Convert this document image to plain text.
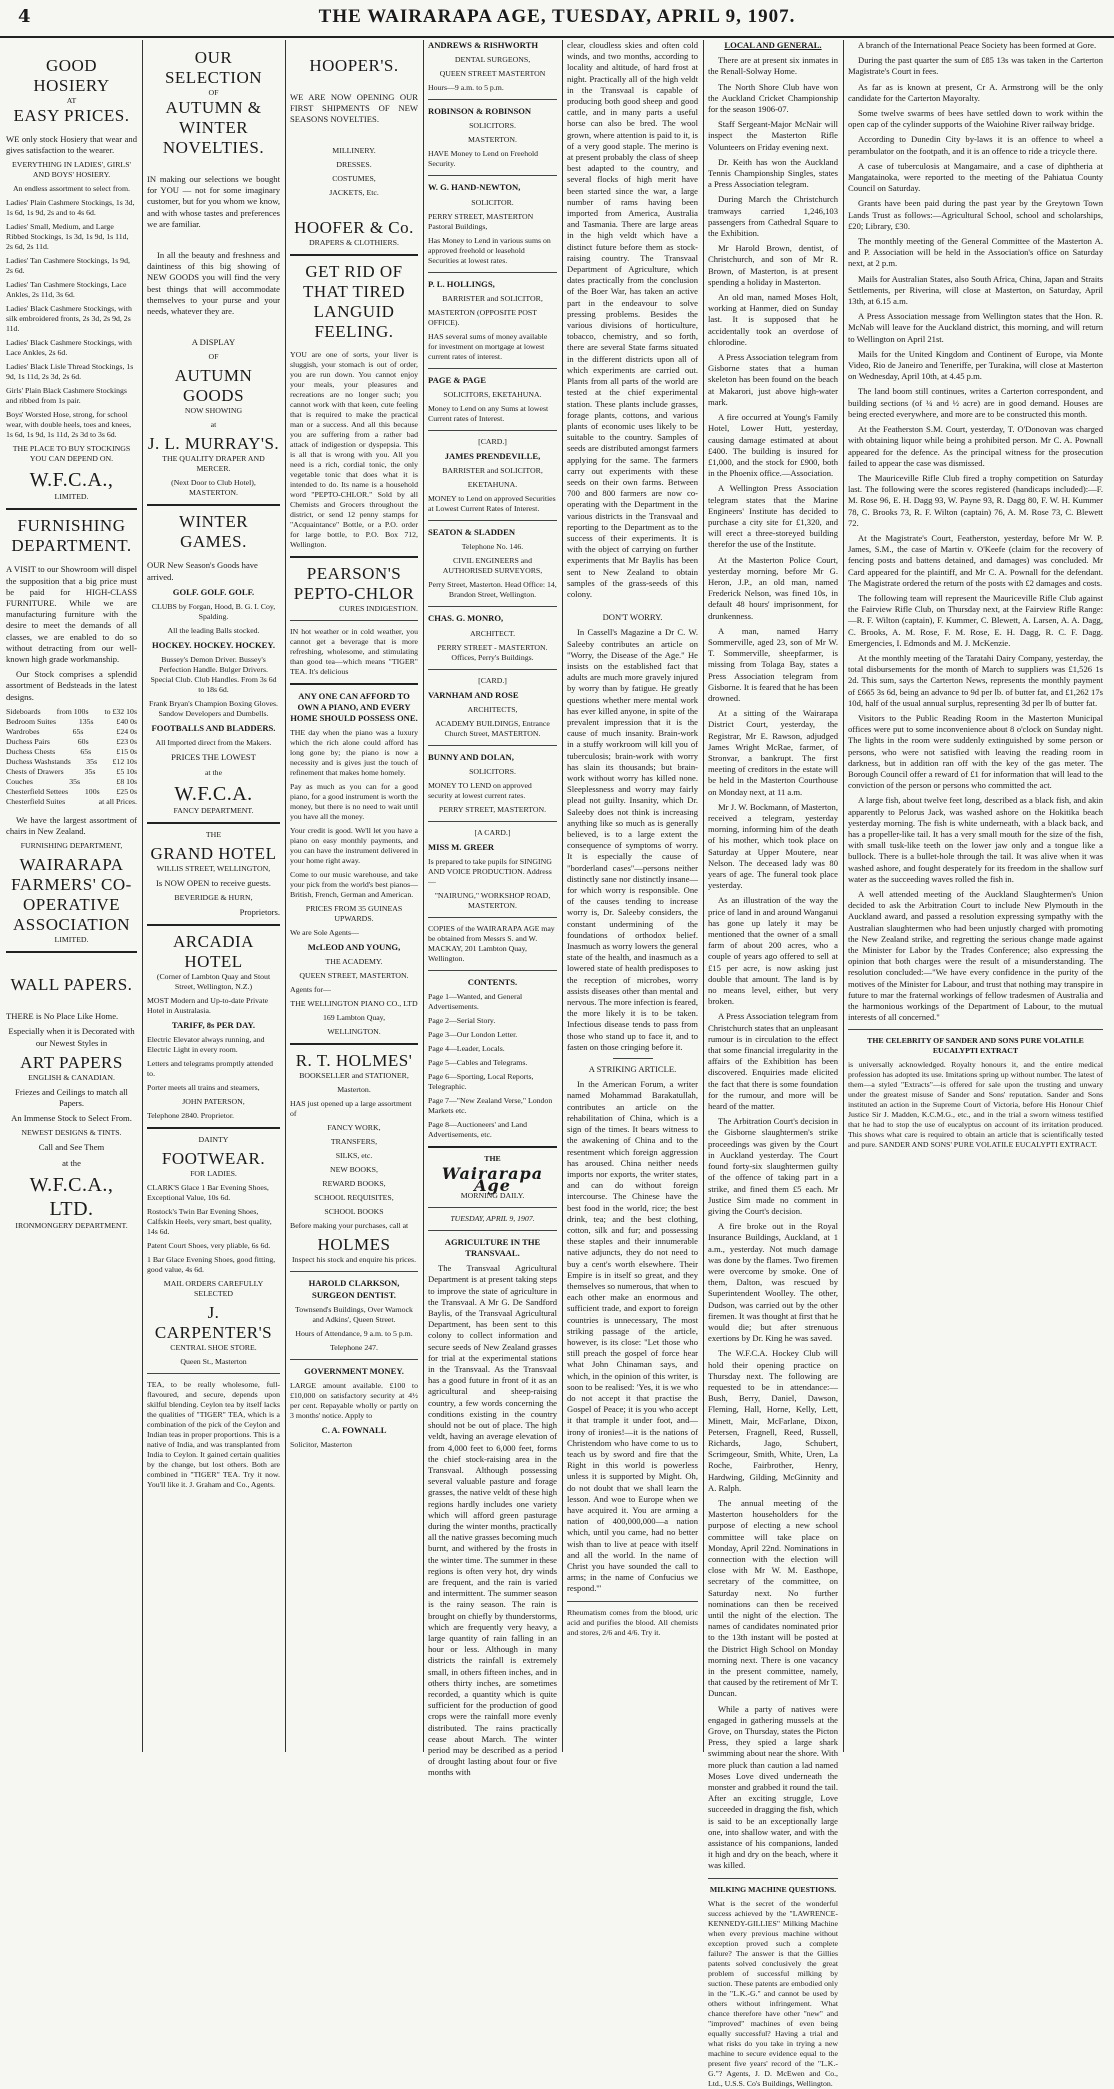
4	THE WAIRARAPA AGE, TUESDAY, APRIL 9, 1907.
GOOD HOSIERY
AT
EASY PRICES.

WE only stock Hosiery that wear and gives satisfaction to the wearer.

EVERYTHING IN LADIES', GIRLS' AND BOYS' HOSIERY.

An endless assortment to select from.

Ladies' Plain Cashmere Stockings, 1s 3d, 1s 6d, 1s 9d, 2s and to 4s 6d.

Ladies' Small, Medium, and Large Ribbed Stockings, 1s 3d, 1s 9d, 1s 11d, 2s 6d, 2s 11d.

Ladies' Tan Cashmere Stockings, 1s 9d, 2s 6d.

Ladies' Tan Cashmere Stockings, Lace Ankles, 2s 11d, 3s 6d.

Ladies' Black Cashmere Stockings, with silk embroidered fronts, 2s 3d, 2s 9d, 2s 11d.

Ladies' Black Cashmere Stockings, with Lace Ankles, 2s 6d.

Ladies' Black Lisle Thread Stockings, 1s 9d, 1s 11d, 2s 3d, 2s 6d.

Girls' Plain Black Cashmere Stockings and ribbed from 1s pair.

Boys' Worsted Hose, strong, for school wear, with double heels, toes and knees, 1s 6d, 1s 9d, 1s 11d, 2s 3d to 3s 6d.

THE PLACE TO BUY STOCKINGS YOU CAN DEPEND ON.

W.F.C.A.,
LIMITED.
FURNISHING DEPARTMENT.

A VISIT to our Showroom will dispel the supposition that a big price must be paid for HIGH-CLASS FURNITURE. While we are manufacturing furniture with the desire to meet the demands of all classes, we are enabled to do so without detracting from our well-known high grade workmanship.

Our Stock comprises a splendid assortment of Bedsteads in the latest designs.

Sideboards from 100s to £32 10s
Bedroom Suites	135s	£40 0s
Wardrobes	65s	£24 0s
Duchess Pairs	60s	£23 0s
Duchess Chests	65s	£15 0s
Duchess Washstands 35s £12 10s
Chests of Drawers	35s	£5 10s
Couches	35s	£8 10s
Chesterfield Settees 100s £25 0s
Chesterfield Suites	at all Prices.

We have the largest assortment of chairs in New Zealand.

FURNISHING DEPARTMENT,

WAIRARAPA FARMERS' CO-OPERATIVE ASSOCIATION
LIMITED.
WALL PAPERS.

THERE is No Place Like Home.

Especially when it is Decorated with our Newest Styles in

ART PAPERS

ENGLISH & CANADIAN.

Friezes and Ceilings to match all Papers.

An Immense Stock to Select From.

NEWEST DESIGNS & TINTS.

Call and See Them

at the

W.F.C.A., LTD.
IRONMONGERY DEPARTMENT.
OUR SELECTION
OF
AUTUMN & WINTER NOVELTIES.

IN making our selections we bought for YOU — not for some imaginary customer, but for you whom we know, and with whose tastes and preferences we are familiar.

In all the beauty and freshness and daintiness of this big showing of NEW GOODS you will find the very best things that will accommodate themselves to your purse and your needs, whatever they are.

A DISPLAY

OF

AUTUMN GOODS

NOW SHOWING

at

J. L. MURRAY'S.

THE QUALITY DRAPER AND MERCER.

(Next Door to Club Hotel), MASTERTON.

WINTER GAMES.

OUR New Season's Goods have arrived.

GOLF. GOLF. GOLF.

CLUBS by Forgan, Hood, B. G. I. Coy, Spalding.

All the leading Balls stocked.

HOCKEY. HOCKEY. HOCKEY.

Bussey's Demon Driver. Bussey's Perfection Handle. Bulger Drivers. Special Club. Club Handles. From 3s 6d to 18s 6d.

Frank Bryan's Champion Boxing Gloves. Sandow Developers and Dumbells.

FOOTBALLS AND BLADDERS.

All Imported direct from the Makers.

PRICES THE LOWEST

at the

W.F.C.A.

FANCY DEPARTMENT.

THE

GRAND HOTEL

WILLIS STREET, WELLINGTON,

Is NOW OPEN to receive guests.

BEVERIDGE & HURN,

Proprietors.

ARCADIA HOTEL

(Corner of Lambton Quay and Stout Street, Wellington, N.Z.)

MOST Modern and Up-to-date Private Hotel in Australasia.

TARIFF, 8s PER DAY.

Electric Elevator always running, and Electric Light in every room.

Letters and telegrams promptly attended to.

Porter meets all trains and steamers,

JOHN PATERSON,

Telephone 2840. Proprietor.

DAINTY

FOOTWEAR.

FOR LADIES.

CLARK'S Glace 1 Bar Evening Shoes, Exceptional Value, 10s 6d.

Rostock's Twin Bar Evening Shoes, Calfskin Heels, very smart, best quality, 14s 6d.

Patent Court Shoes, very pliable, 6s 6d.

1 Bar Glace Evening Shoes, good fitting, good value, 4s 6d.

MAIL ORDERS CAREFULLY SELECTED

J. CARPENTER'S

CENTRAL SHOE STORE.

Queen St., Masterton

TEA, to be really wholesome, full-flavoured, and secure, depends upon skilful blending. Ceylon tea by itself lacks the qualities of "TIGER" TEA, which is a combination of the pick of the Ceylon and Indian teas in proper proportions. This is a native of India, and was transplanted from India to Ceylon. It gained certain qualities by the change, but lost others. Both are combined in "TIGER" TEA. Try it now. You'll like it. J. Graham and Co., Agents.

HOOPER'S.

WE ARE NOW OPENING OUR FIRST SHIPMENTS OF NEW SEASONS NOVELTIES.

MILLINERY.

DRESSES.

COSTUMES,

JACKETS, Etc.

HOOFER & Co.

DRAPERS & CLOTHIERS.

GET RID OF THAT TIRED LANGUID FEELING.

YOU are one of sorts, your liver is sluggish, your stomach is out of order, you are run down. You cannot enjoy your meals, your pleasures and recreations are no longer such; you cannot work with that keen, cute feeling that is required to make the practical man or a success. And all this because you are suffering from a rather bad attack of indigestion or dyspepsia. This is all that is wrong with you. All you need is a rich, cordial tonic, the only vegetable tonic that does what it is intended to do. Its name is a household word "PEPTO-CHLOR." Sold by all Chemists and Grocers throughout the district, or send 12 penny stamps for "Acquaintance" Bottle, or a P.O. order for large bottle, to P.O. Box 712, Wellington.

PEARSON'S PEPTO-CHLOR

CURES INDIGESTION.

IN hot weather or in cold weather, you cannot get a beverage that is more refreshing, wholesome, and stimulating than good tea—which means "TIGER" TEA. It's delicious

ANY ONE CAN AFFORD TO OWN A PIANO, AND EVERY HOME SHOULD POSSESS ONE.

THE day when the piano was a luxury which the rich alone could afford has long gone by; the piano is now a necessity and is gives just the touch of refinement that makes home homely.

Pay as much as you can for a good piano, for a good instrument is worth the money, but there is no need to wait until you have all the money.

Your credit is good. We'll let you have a piano on easy monthly payments, and you can have the instrument delivered in your home right away.

Come to our music warehouse, and take your pick from the world's best pianos—British, French, German and American.

PRICES FROM 35 GUINEAS UPWARDS.

We are Sole Agents—

McLEOD AND YOUNG,

THE ACADEMY.

QUEEN STREET, MASTERTON.

Agents for—

THE WELLINGTON PIANO CO., LTD

169 Lambton Quay,

WELLINGTON.

R. T. HOLMES'

BOOKSELLER and STATIONER,

Masterton.

HAS just opened up a large assortment of

FANCY WORK,

TRANSFERS,

SILKS, etc.

NEW BOOKS,

REWARD BOOKS,

SCHOOL REQUISITES,

SCHOOL BOOKS

Before making your purchases, call at

HOLMES

Inspect his stock and enquire his prices.

HAROLD CLARKSON, SURGEON DENTIST.

Townsend's Buildings, Over Warnock and Adkins', Queen Street.

Hours of Attendance, 9 a.m. to 5 p.m.

Telephone 247.

GOVERNMENT MONEY.

LARGE amount available. £100 to £10,000 on satisfactory security at 4½ per cent. Repayable wholly or partly on 3 months' notice. Apply to

C. A. FOWNALL

Solicitor, Masterton

ANDREWS & RISHWORTH

DENTAL SURGEONS,

QUEEN STREET MASTERTON

Hours—9 a.m. to 5 p.m.

ROBINSON & ROBINSON

SOLICITORS.

MASTERTON.

HAVE Money to Lend on Freehold Security.

W. G. HAND-NEWTON,

SOLICITOR.

PERRY STREET, MASTERTON Pastoral Buildings,

Has Money to Lend in various sums on approved freehold or leasehold Securities at lowest rates.

P. L. HOLLINGS,

BARRISTER and SOLICITOR,

MASTERTON (OPPOSITE POST OFFICE).

HAS several sums of money available for investment on mortgage at lowest current rates of interest.

PAGE & PAGE

SOLICITORS, EKETAHUNA.

Money to Lend on any Sums at lowest Current rates of Interest.

[CARD.]

JAMES PRENDEVILLE,

BARRISTER and SOLICITOR,

EKETAHUNA.

MONEY to Lend on approved Securities at Lowest Current Rates of Interest.

SEATON & SLADDEN

Telephone No. 146.

CIVIL ENGINEERS and AUTHORISED SURVEYORS,

Perry Street, Masterton. Head Office: 14, Brandon Street, Wellington.

CHAS. G. MONRO,

ARCHITECT.

PERRY STREET - MASTERTON. Offices, Perry's Buildings.

[CARD.]

VARNHAM AND ROSE

ARCHITECTS,

ACADEMY BUILDINGS, Entrance Church Street, MASTERTON.

BUNNY AND DOLAN,

SOLICITORS.

MONEY TO LEND on approved security at lowest current rates.

PERRY STREET, MASTERTON.

[A CARD.]

MISS M. GREER

Is prepared to take pupils for SINGING AND VOICE PRODUCTION. Address—

"NAIRUNG," WORKSHOP ROAD, MASTERTON.

COPIES of the WAIRARAPA AGE may be obtained from Messrs S. and W. MACKAY, 201 Lambton Quay, Wellington.

CONTENTS.

Page 1—Wanted, and General Advertisements.

Page 2—Serial Story.

Page 3—Our London Letter.

Page 4—Leader, Locals.

Page 5—Cables and Telegrams.

Page 6—Sporting, Local Reports, Telegraphic.

Page 7—"New Zealand Verse," London Markets etc.

Page 8—Auctioneers' and Land Advertisements, etc.

THE

Wairarapa Age

MORNING DAILY.

TUESDAY, APRIL 9, 1907.

AGRICULTURE IN THE TRANSVAAL.

The Transvaal Agricultural Department is at present taking steps to improve the state of agriculture in the Transvaal. A Mr G. De Sandford Baylis, of the Transvaal Agricultural Department, has been sent to this colony to collect information and secure seeds of New Zealand grasses for trial at the experimental stations in the Transvaal. As the Transvaal has a good future in front of it as an agricultural and sheep-raising country, a few words concerning the conditions existing in the country should not be out of place. The high veldt, having an average elevation of from 4,000 feet to 6,000 feet, forms the chief stock-raising area in the Transvaal. Although possessing several valuable pasture and forage grasses, the native veldt of these high regions hardly includes one variety which will afford green pasturage during the winter months, practically all the native grasses becoming much burnt, and withered by the frosts in the winter time. The summer in these regions is often very hot, dry winds are frequent, and the rain is varied and intermittent. The summer season is the rainy season. The rain is brought on chiefly by thunderstorms, which are frequently very heavy, a large quantity of rain falling in an hour or less. Although in many districts the rainfall is extremely small, in others fifteen inches, and in others thirty inches, are sometimes recorded, a quantity which is quite sufficient for the production of good crops were the rainfall more evenly distributed. The rains practically cease about March. The winter period may be described as a period of drought lasting about four or five months with

clear, cloudless skies and often cold winds, and two months, according to locality and altitude, of hard frost at night. Practically all of the high veldt in the Transvaal is capable of producing both good sheep and good cattle, and in many parts a useful horse can also be bred. The wool grown, where attention is paid to it, is of a very good staple. The merino is at present probably the class of sheep best adapted to the country, and several flocks of high merit have been started since the war, a large number of rams having been imported from America, Australia and Tasmania. There are large areas in the high veldt which have a distinct future before them as stock-raising country. The Transvaal Department of Agriculture, which dates practically from the conclusion of the Boer War, has taken an active part in the endeavour to solve pressing problems. Besides the various divisions of horticulture, tobacco, chemistry, and so forth, there are several State farms situated in the different districts upon all of which experiments are carried out. Plants from all parts of the world are tested at the chief experimental station. These plants include grasses, forage plants, cottons, and various plants of economic uses likely to be suitable to the country. Samples of seeds are distributed amongst farmers applying for the same. The farmers carry out experiments with these seeds on their own farms. Between 700 and 800 farmers are now co-operating with the Department in the various districts in the Transvaal and reporting to the Department as to the success of their experiments. It is with the object of carrying on further experiments that Mr Baylis has been sent to New Zealand to obtain samples of the grass-seeds of this colony.

DON'T WORRY.

In Cassell's Magazine a Dr C. W. Saleeby contributes an article on "Worry, the Disease of the Age." He insists on the established fact that adults are much more gravely injured by worry than by fatigue. He greatly questions whether mere mental work has ever killed anyone, in spite of the prevalent impression that it is the cause of much insanity. Brain-work in a stuffy workroom will kill you of tuberculosis; brain-work with worry has slain its thousands; but brain-work without worry has killed none. Sleeplessness and worry may fairly plead not guilty. Insanity, which Dr. Saleeby does not think is increasing anything like so much as is generally believed, is to a large extent the consequence of symptoms of worry. It is especially the cause of "borderland cases"—persons neither distinctly sane nor distinctly insane—for which worry is responsible. One of the causes tending to increase worry is, Dr. Saleeby considers, the constant undermining of the foundations of orthodox belief. Inasmuch as worry lowers the general state of the health, and inasmuch as a lowered state of health predisposes to the reception of microbes, worry assists diseases other than mental and nervous. The more infection is feared, the more likely it is to be taken. Infectious disease tends to pass from those who stand up to face it, and to fasten on those cringing before it.

A STRIKING ARTICLE.

In the American Forum, a writer named Mohammad Barakatullah, contributes an article on the rehabilitation of China, which is a sign of the times. It bears witness to the awakening of China and to the resentment which foreign aggression has aroused. China neither needs imports nor exports, the writer states, and can do without foreign intercourse. The Chinese have the best food in the world, rice; the best drink, tea; and the best clothing, cotton, silk and fur; and possessing these staples and their innumerable native adjuncts, they do not need to buy a cent's worth elsewhere. Their Empire is in itself so great, and they themselves so numerous, that when to each other make an enormous and sufficient trade, and export to foreign countries is unnecessary, The most striking passage of the article, however, is its close: "Let those who still preach the gospel of force hear what John Chinaman says, and which, in the opinion of this writer, is soon to be realised: 'Yes, it is we who do not accept it that practise the Gospel of Peace; it is you who accept it that trample it under foot, and—irony of ironies!—it is the nations of Christendom who have come to us to teach us by sword and fire that the Right in this world is powerless unless it is supported by Might. Oh, do not doubt that we shall learn the lesson. And woe to Europe when we have acquired it. You are arming a nation of 400,000,000—a nation which, until you came, had no better wish than to live at peace with itself and all the world. In the name of Christ you have sounded the call to arms; in the name of Confucius we respond.'"

Rheumatism comes from the blood, uric acid and purifies the blood. All chemists and stores, 2/6 and 4/6. Try it.

LOCAL AND GENERAL.

There are at present six inmates in the Renall-Solway Home.

The North Shore Club have won the Auckland Cricket Championship for the season 1906-07.

Staff Sergeant-Major McNair will inspect the Masterton Rifle Volunteers on Friday evening next.

Dr. Keith has won the Auckland Tennis Championship Singles, states a Press Association telegram.

During March the Christchurch tramways carried 1,246,103 passengers from Cathedral Square to the Exhibition.

Mr Harold Brown, dentist, of Christchurch, and son of Mr R. Brown, of Masterton, is at present spending a holiday in Masterton.

An old man, named Moses Holt, working at Hanmer, died on Sunday last. It is supposed that he accidentally took an overdose of chlorodine.

A Press Association telegram from Gisborne states that a human skeleton has been found on the beach at Makarori, just above high-water mark.

A fire occurred at Young's Family Hotel, Lower Hutt, yesterday, causing damage estimated at about £400. The building is insured for £1,000, and the stock for £900, both in the Phoenix office.—Association.

A Wellington Press Association telegram states that the Marine Engineers' Institute has decided to purchase a city site for £1,320, and will erect a three-storeyed building therefor the use of the Institute.

At the Masterton Police Court, yesterday morning, before Mr G. Heron, J.P., an old man, named Frederick Nelson, was fined 10s, in default 48 hours' imprisonment, for drunkenness.

A man, named Harry Sommerville, aged 23, son of Mr W. T. Sommerville, sheepfarmer, is missing from Tolaga Bay, states a Press Association telegram from Gisborne. It is feared that he has been drowned.

At a sitting of the Wairarapa District Court, yesterday, the Registrar, Mr E. Rawson, adjudged James Wright McRae, farmer, of Stronvar, a bankrupt. The first meeting of creditors in the estate will be held in the Masterton Courthouse on Monday next, at 11 a.m.

Mr J. W. Bockmann, of Masterton, received a telegram, yesterday morning, informing him of the death of his mother, which took place on Saturday at Upper Moutere, near Nelson. The deceased lady was 80 years of age. The funeral took place yesterday.

As an illustration of the way the price of land in and around Wanganui has gone up lately it may be mentioned that the owner of a small farm of about 200 acres, who a couple of years ago offered to sell at £15 per acre, is now asking just double that amount. The land is by no means level, either, but very broken.

A Press Association telegram from Christchurch states that an unpleasant rumour is in circulation to the effect that some financial irregularity in the affairs of the Exhibition has been discovered. Enquiries made elicited the fact that there is some foundation for the rumour, and more will be heard of the matter.

The Arbitration Court's decision in the Gisborne slaughtermen's strike proceedings was given by the Court in Auckland yesterday. The Court found forty-six slaughtermen guilty of the offence of taking part in a strike, and fined them £5 each. Mr Justice Sim made no comment in giving the Court's decision.

A fire broke out in the Royal Insurance Buildings, Auckland, at 1 a.m., yesterday. Not much damage was done by the flames. Two firemen were overcome by smoke. One of them, Dalton, was rescued by Superintendent Woolley. The other, Dudson, was carried out by the other firemen. It was thought at first that he would die; but after strenuous exertions by Dr. King he was saved.

The W.F.C.A. Hockey Club will hold their opening practice on Thursday next. The following are requested to be in attendance:—Bush, Berry, Daniel, Dawson, Fleming, Hall, Horne, Kelly, Lett, Minett, Mair, McFarlane, Dixon, Petersen, Fragnell, Reed, Russell, Richards, Jago, Schubert, Scrimgeour, Smith, White, Uren, La Roche, Fairbrother, Henry, Hardwing, Gilding, McGinnity and A. Ralph.

The annual meeting of the Masterton householders for the purpose of electing a new school committee will take place on Monday, April 22nd. Nominations in connection with the election will close with Mr W. M. Easthope, secretary of the committee, on Saturday next. No further nominations can then be received until the night of the election. The names of candidates nominated prior to the 13th instant will be posted at the District High School on Monday morning next. There is one vacancy in the present committee, namely, that caused by the retirement of Mr T. Duncan.

While a party of natives were engaged in gathering mussels at the Grove, on Thursday, states the Picton Press, they spied a large shark swimming about near the shore. With more pluck than caution a lad named Moses Love dived underneath the monster and grabbed it round the tail. After an exciting struggle, Love succeeded in dragging the fish, which is said to be an exceptionally large one, into shallow water, and with the assistance of his companions, landed it high and dry on the beach, where it was killed.

MILKING MACHINE QUESTIONS.

What is the secret of the wonderful success achieved by the "LAWRENCE-KENNEDY-GILLIES" Milking Machine when every previous machine without exception proved such a complete failure? The answer is that the Gillies patents solved conclusively the great problem of successful milking by suction. These patents are embodied only in the "L.K.-G." and cannot be used by others without infringement. What chance therefore have other "new" and "improved" machines of even being equally successful? Having a trial and what risks do you take in trying a new machine to secure evidence equal to the present five years' record of the "L.K.-G."? Agents, J. D. McEwen and Co., Ltd., U.S.S. Co's Buildings, Wellington.

A branch of the International Peace Society has been formed at Gore.

During the past quarter the sum of £85 13s was taken in the Carterton Magistrate's Court in fees.

As far as is known at present, Cr A. Armstrong will be the only candidate for the Carterton Mayoralty.

Some twelve swarms of bees have settled down to work within the open cap of the cylinder supports of the Waiohine River railway bridge.

According to Dunedin City by-laws it is an offence to wheel a perambulator on the footpath, and it is an offence to ride a tricycle there.

A case of tuberculosis at Mangamaire, and a case of diphtheria at Mangatainoka, were reported to the meeting of the Pahiatua County Council on Saturday.

Grants have been paid during the past year by the Greytown Town Lands Trust as follows:—Agricultural School, school and scholarships, £20; Library, £30.

The monthly meeting of the General Committee of the Masterton A. and P. Association will be held in the Association's office on Saturday next, at 2 p.m.

Mails for Australian States, also South Africa, China, Japan and Straits Settlements, per Riverina, will close at Masterton, on Saturday, April 13th, at 6.15 a.m.

A Press Association message from Wellington states that the Hon. R. McNab will leave for the Auckland district, this morning, and will return to Wellington on April 21st.

Mails for the United Kingdom and Continent of Europe, via Monte Video, Rio de Janeiro and Teneriffe, per Turakina, will close at Masterton on Wednesday, April 10th, at 4.45 p.m.

The land boom still continues, writes a Carterton correspondent, and building sections (of ¼ and ½ acre) are in good demand. Houses are being erected everywhere, and more are to be constructed this month.

At the Featherston S.M. Court, yesterday, T. O'Donovan was charged with obtaining liquor while being a prohibited person. Mr C. A. Pownall appeared for the defence. As the principal witness for the prosecution failed to appear the case was dismissed.

The Mauriceville Rifle Club fired a trophy competition on Saturday last. The following were the scores registered (handicaps included):—F. M. Rose 96, E. H. Dagg 93, W. Payne 93, R. Dagg 80, F. W. H. Kummer 78, C. Brooks 73, R. F. Wilton (captain) 76, A. M. Rose 73, C. Blewett 72.

At the Magistrate's Court, Featherston, yesterday, before Mr W. P. James, S.M., the case of Martin v. O'Keefe (claim for the recovery of fencing posts and battens detained, and damages) was concluded. Mr Card appeared for the plaintiff, and Mr C. A. Pownall for the defendant. The Magistrate ordered the return of the posts with £2 damages and costs.

The following team will represent the Mauriceville Rifle Club against the Fairview Rifle Club, on Thursday next, at the Fairview Rifle Range:—R. F. Wilton (captain), F. Kummer, C. Blewett, A. Larsen, A. A. Dagg, C. Brooks, A. M. Rose, F. M. Rose, E. H. Dagg, R. C. F. Dagg. Emergencies, I. Edmonds and M. J. McKenzie.

At the monthly meeting of the Taratahi Dairy Company, yesterday, the total disbursements for the month of March to suppliers was £1,526 1s 2d. This sum, says the Carterton News, represents the monthly payment of £665 3s 6d, being an advance to 9d per lb. of butter fat, and £1,262 17s 10d, half of the usual annual surplus, representing 3d per lb of butter fat.

Visitors to the Public Reading Room in the Masterton Municipal offices were put to some inconvenience about 8 o'clock on Sunday night. The lights in the room were suddenly extinguished by some person or persons, who were not satisfied with leaving the reading room in darkness, but in addition ran off with the key of the gas meter. The Borough Council offer a reward of £1 for information that will lead to the conviction of the person or persons who committed the act.

A large fish, about twelve feet long, described as a black fish, and akin apparently to Pelorus Jack, was washed ashore on the Hokitika beach yesterday morning. The fish is white underneath, with a black back, and has a propeller-like tail. It has a very small mouth for the size of the fish, with small tusk-like teeth on the lower jaw only and a tongue like a bullock. There is a bullet-hole through the tail. It was alive when it was washed ashore, and fought desperately for its freedom in the shallow surf water as the succeeding waves rolled the fish in.

A well attended meeting of the Auckland Slaughtermen's Union decided to ask the Arbitration Court to include New Plymouth in the Auckland award, and passed a resolution expressing sympathy with the Australian slaughtermen who had been unjustly charged with promoting the New Zealand strike, and regretting the serious change made against the Minister for Labor by the Trades Conference; also expressing the opinion that both charges were the result of a misunderstanding. The resolution concluded:—"We have every confidence in the purity of the motives of the Minister for Labour, and trust that nothing may transpire in future to mar the fraternal workings of fellow tradesmen of Australia and the harmonious workings of the Department of Labour, to the mutual interests of all concerned."

THE CELEBRITY OF SANDER AND SONS PURE VOLATILE EUCALYPTI EXTRACT

is universally acknowledged. Royalty honours it, and the entire medical profession has adopted its use. Imitations spring up without number. The latest of them—a styled "Extracts"—is offered for sale upon the trusting and unwary under the greatest misuse of Sander and Sons' reputation. Sander and Sons instituted an action in the Supreme Court of Victoria, before His Honour Chief Justice Sir J. Madden, K.C.M.G., etc., and in the trial a sworn witness testified that he had to stop the use of eucalyptus on account of its irritation produced. This shows what care is required to obtain an article that is scientifically tested and pure. SANDER AND SONS' PURE VOLATILE EUCALYPTI EXTRACT.
